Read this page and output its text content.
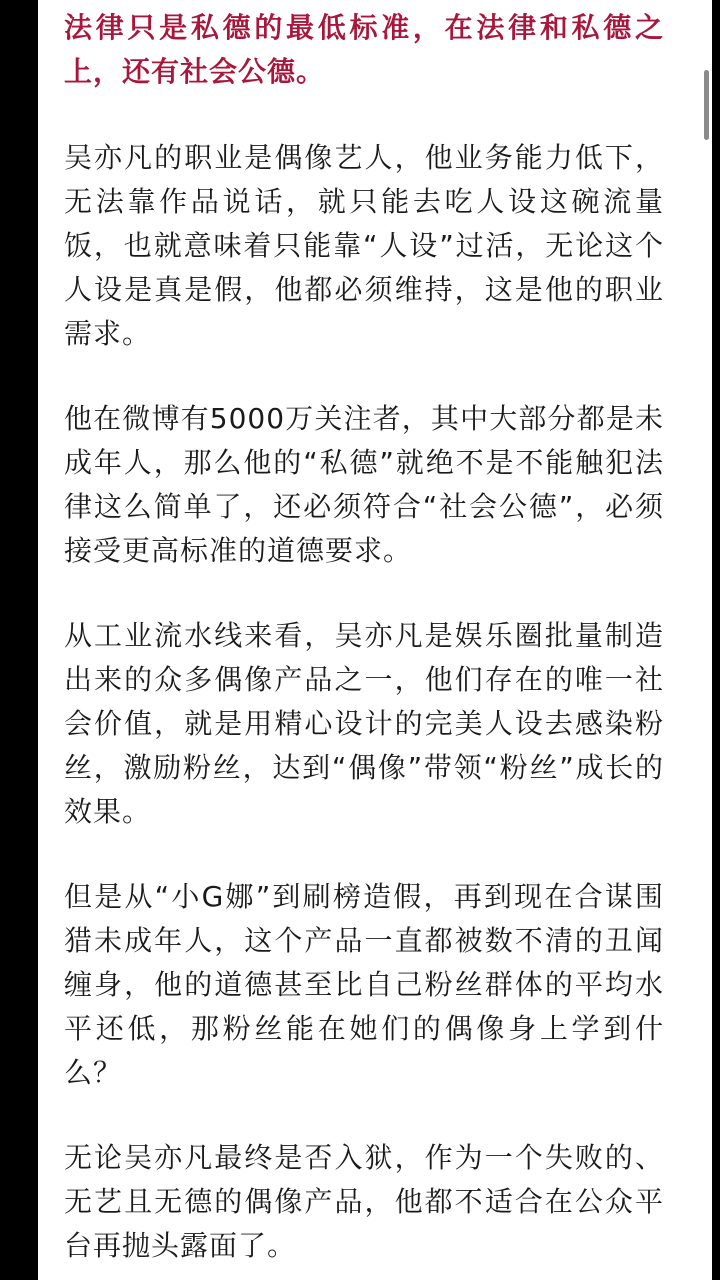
法律只是私德的最低标准，在法律和私德之上，还有社会公德。

吴亦凡的职业是偶像艺人，他业务能力低下，无法靠作品说话，就只能去吃人设这碗流量饭，也就意味着只能靠“人设”过活，无论这个人设是真是假，他都必须维持，这是他的职业需求。

他在微博有5000万关注者，其中大部分都是未成年人，那么他的“私德”就绝不是不能触犯法律这么简单了，还必须符合“社会公德”，必须接受更高标准的道德要求。

从工业流水线来看，吴亦凡是娱乐圈批量制造出来的众多偶像产品之一，他们存在的唯一社会价值，就是用精心设计的完美人设去感染粉丝，激励粉丝，达到“偶像”带领“粉丝”成长的效果。

但是从“小G娜”到刷榜造假，再到现在合谋围猎未成年人，这个产品一直都被数不清的丑闻缠身，他的道德甚至比自己粉丝群体的平均水平还低，那粉丝能在她们的偶像身上学到什么？

无论吴亦凡最终是否入狱，作为一个失败的、无艺且无德的偶像产品，他都不适合在公众平台再抛头露面了。
